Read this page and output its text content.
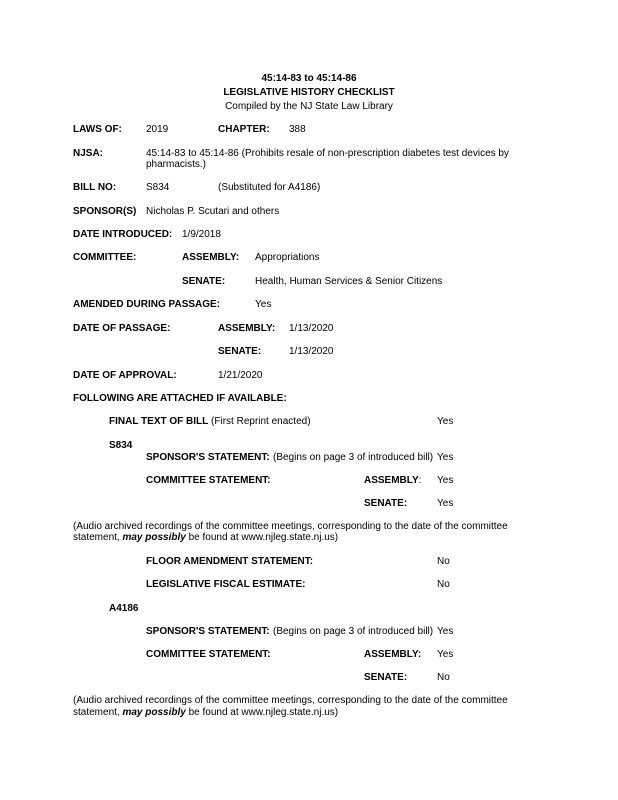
45:14-83 to 45:14-86
LEGISLATIVE HISTORY CHECKLIST
Compiled by the NJ State Law Library
LAWS OF: 2019	CHAPTER: 388
NJSA:	45:14-83 to 45:14-86 (Prohibits resale of non-prescription diabetes test devices by
pharmacists.)
BILL NO:	S834	(Substituted for A4186)
SPONSOR(S) Nicholas P. Scutari and others
DATE INTRODUCED: 1/9/2018
COMMITTEE:	ASSEMBLY: Appropriations
SENATE:	Health, Human Services & Senior Citizens
AMENDED DURING PASSAGE:	Yes
DATE OF PASSAGE:	ASSEMBLY: 1/13/2020
SENATE:	1/13/2020
DATE OF APPROVAL:	1/21/2020
FOLLOWING ARE ATTACHED IF AVAILABLE:
FINAL TEXT OF BILL (First Reprint enacted)	Yes
S834
SPONSOR'S STATEMENT: (Begins on page 3 of introduced bill) Yes
COMMITTEE STATEMENT:	ASSEMBLY: Yes
SENATE:	Yes
(Audio archived recordings of the committee meetings, corresponding to the date of the committee
statement, may possibly be found at www.njleg.state.nj.us)
FLOOR AMENDMENT STATEMENT:	No
LEGISLATIVE FISCAL ESTIMATE:	No
A4186
SPONSOR'S STATEMENT: (Begins on page 3 of introduced bill) Yes
COMMITTEE STATEMENT:	ASSEMBLY: Yes
SENATE:	No
(Audio archived recordings of the committee meetings, corresponding to the date of the committee
statement, may possibly be found at www.njleg.state.nj.us)
